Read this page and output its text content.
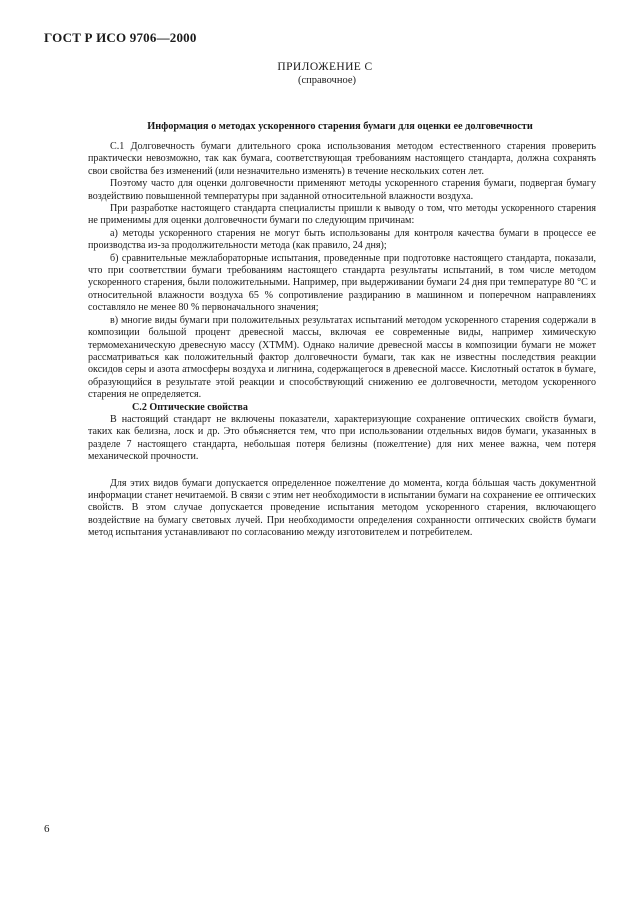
ГОСТ Р ИСО 9706—2000
ПРИЛОЖЕНИЕ С
(справочное)
Информация о методах ускоренного старения бумаги для оценки ее долговечности

C.1 Долговечность бумаги длительного срока использования методом естественного старения проверить практически невозможно, так как бумага, соответствующая требованиям настоящего стандарта, должна сохранять свои свойства без изменений (или незначительно изменять) в течение нескольких сотен лет.

Поэтому часто для оценки долговечности применяют методы ускоренного старения бумаги, подвергая бумагу воздействию повышенной температуры при заданной относительной влажности воздуха.

При разработке настоящего стандарта специалисты пришли к выводу о том, что методы ускоренного старения не применимы для оценки долговечности бумаги по следующим причинам:

а) методы ускоренного старения не могут быть использованы для контроля качества бумаги в процессе ее производства из-за продолжительности метода (как правило, 24 дня);

б) сравнительные межлабораторные испытания, проведенные при подготовке настоящего стандарта, показали, что при соответствии бумаги требованиям настоящего стандарта результаты испытаний, в том числе методом ускоренного старения, были положительными. Например, при выдерживании бумаги 24 дня при температуре 80 °С и относительной влажности воздуха 65 % сопротивление раздиранию в машинном и поперечном направлениях составляло не менее 80 % первоначального значения;

в) многие виды бумаги при положительных результатах испытаний методом ускоренного старения содержали в композиции большой процент древесной массы, включая ее современные виды, например химическую термомеханическую древесную массу (ХТММ). Однако наличие древесной массы в композиции бумаги не может рассматриваться как положительный фактор долговечности бумаги, так как не известны последствия реакции оксидов серы и азота атмосферы воздуха и лигнина, содержащегося в древесной массе. Кислотный остаток в бумаге, образующийся в результате этой реакции и способствующий снижению ее долговечности, методом ускоренного старения не определяется.

С.2 Оптические свойства

В настоящий стандарт не включены показатели, характеризующие сохранение оптических свойств бумаги, таких как белизна, лоск и др. Это объясняется тем, что при использовании отдельных видов бумаги, указанных в разделе 7 настоящего стандарта, небольшая потеря белизны (пожелтение) для них менее важна, чем потеря механической прочности.

Для этих видов бумаги допускается определенное пожелтение до момента, когда бóльшая часть документной информации станет нечитаемой. В связи с этим нет необходимости в испытании бумаги на сохранение ее оптических свойств. В этом случае допускается проведение испытания методом ускоренного старения, включающего воздействие на бумагу световых лучей. При необходимости определения сохранности оптических свойств бумаги метод испытания устанавливают по согласованию между изготовителем и потребителем.

6
